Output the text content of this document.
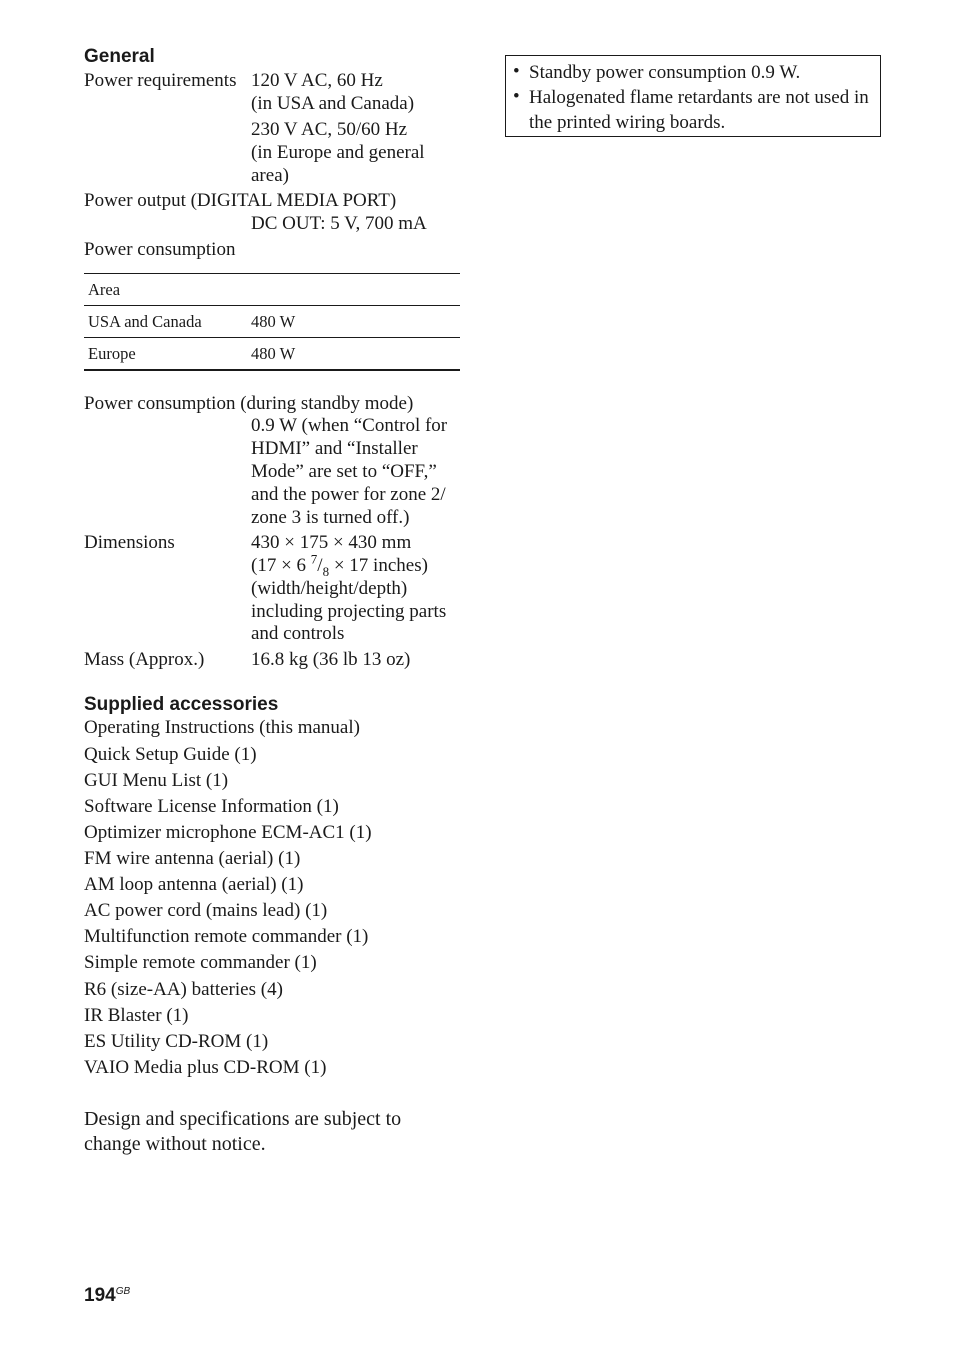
General
Power requirements 120 V AC, 60 Hz
(in USA and Canada)
230 V AC, 50/60 Hz
(in Europe and general
area)
Power output (DIGITAL MEDIA PORT)
DC OUT: 5 V, 700 mA
Power consumption
Area	
USA and Canada	480 W
Europe	480 W
Power consumption (during standby mode)
0.9 W (when “Control for
HDMI” and “Installer
Mode” are set to “OFF,”
and the power for zone 2/
zone 3 is turned off.)
Dimensions	430 × 175 × 430 mm
(17 × 6 $^7/_8 \times 17$ inches)
(width/height/depth)
including projecting parts
and controls
Mass (Approx.) 16.8 kg (36 lb 13 oz)
Supplied accessories
Operating Instructions (this manual)
Quick Setup Guide (1)
GUI Menu List (1)
Software License Information (1)
Optimizer microphone ECM-AC1 (1)
FM wire antenna (aerial) (1)
AM loop antenna (aerial) (1)
AC power cord (mains lead) (1)
Multifunction remote commander (1)
Simple remote commander (1)
R6 (size-AA) batteries (4)
IR Blaster (1)
ES Utility CD-ROM (1)
VAIO Media plus CD-ROM (1)
Design and specifications are subject to
change without notice.
• Standby power consumption 0.9 W.
• Halogenated flame retardants are not used in the printed wiring boards.
$194^{GB}$
